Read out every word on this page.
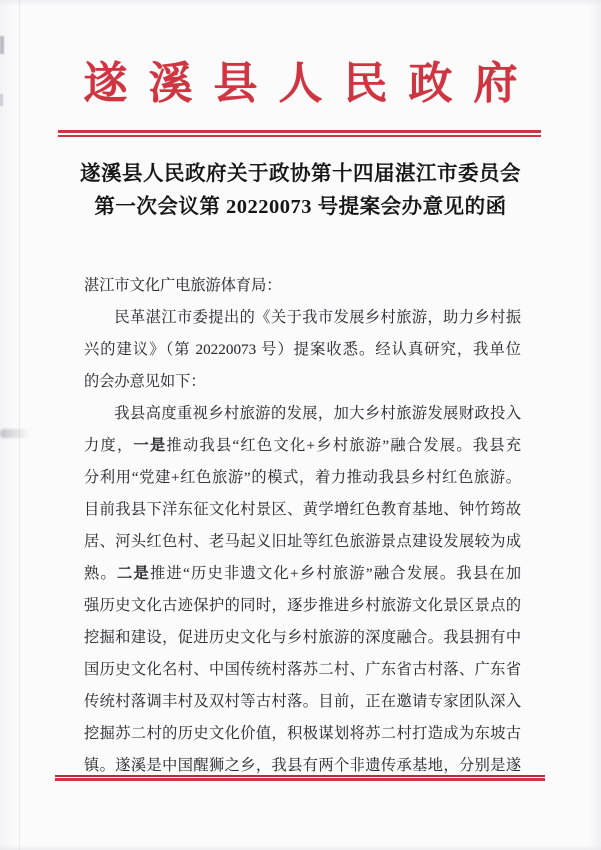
遂溪县人民政府
遂溪县人民政府关于政协第十四届湛江市委员会
第一次会议第 20220073 号提案会办意见的函
湛江市文化广电旅游体育局：
民革湛江市委提出的《关于我市发展乡村旅游，助力乡村振
兴的建议》（第 20220073 号）提案收悉。经认真研究，我单位
的会办意见如下：
我县高度重视乡村旅游的发展，加大乡村旅游发展财政投入
力度，一是推动我县“红色文化+乡村旅游”融合发展。我县充
分利用“党建+红色旅游”的模式，着力推动我县乡村红色旅游。
目前我县下洋东征文化村景区、黄学增红色教育基地、钟竹筠故
居、河头红色村、老马起义旧址等红色旅游景点建设发展较为成
熟。二是推进“历史非遗文化+乡村旅游”融合发展。我县在加
强历史文化古迹保护的同时，逐步推进乡村旅游文化景区景点的
挖掘和建设，促进历史文化与乡村旅游的深度融合。我县拥有中
国历史文化名村、中国传统村落苏二村、广东省古村落、广东省
传统村落调丰村及双村等古村落。目前，正在邀请专家团队深入
挖掘苏二村的历史文化价值，积极谋划将苏二村打造成为东坡古
镇。遂溪是中国醒狮之乡，我县有两个非遗传承基地，分别是遂
